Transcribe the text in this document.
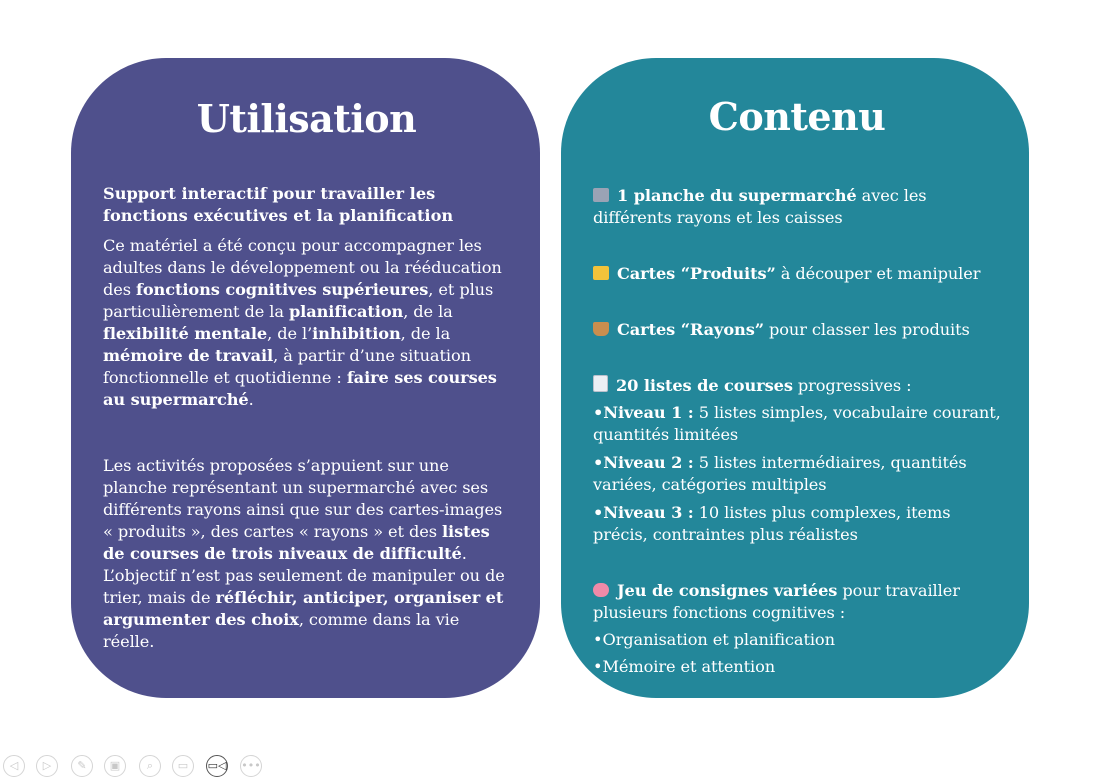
Utilisation
Support interactif pour travailler les fonctions exécutives et la planification
Ce matériel a été conçu pour accompagner les adultes dans le développement ou la rééducation des fonctions cognitives supérieures, et plus particulièrement de la planification, de la flexibilité mentale, de l’inhibition, de la mémoire de travail, à partir d’une situation fonctionnelle et quotidienne : faire ses courses au supermarché.
Les activités proposées s’appuient sur une planche représentant un supermarché avec ses différents rayons ainsi que sur des cartes-images « produits », des cartes « rayons » et des listes de courses de trois niveaux de difficulté.
L’objectif n’est pas seulement de manipuler ou de trier, mais de réfléchir, anticiper, organiser et argumenter des choix, comme dans la vie réelle.
Contenu
1 planche du supermarché avec les différents rayons et les caisses
Cartes “Produits” à découper et manipuler
Cartes “Rayons” pour classer les produits
20 listes de courses progressives :
•Niveau 1 : 5 listes simples, vocabulaire courant, quantités limitées
•Niveau 2 : 5 listes intermédiaires, quantités variées, catégories multiples
•Niveau 3 : 10 listes plus complexes, items précis, contraintes plus réalistes
Jeu de consignes variées pour travailler plusieurs fonctions cognitives :
•Organisation et planification
•Mémoire et attention
◁	▷	✎	▣	⌕	▭	▭◁ •••
